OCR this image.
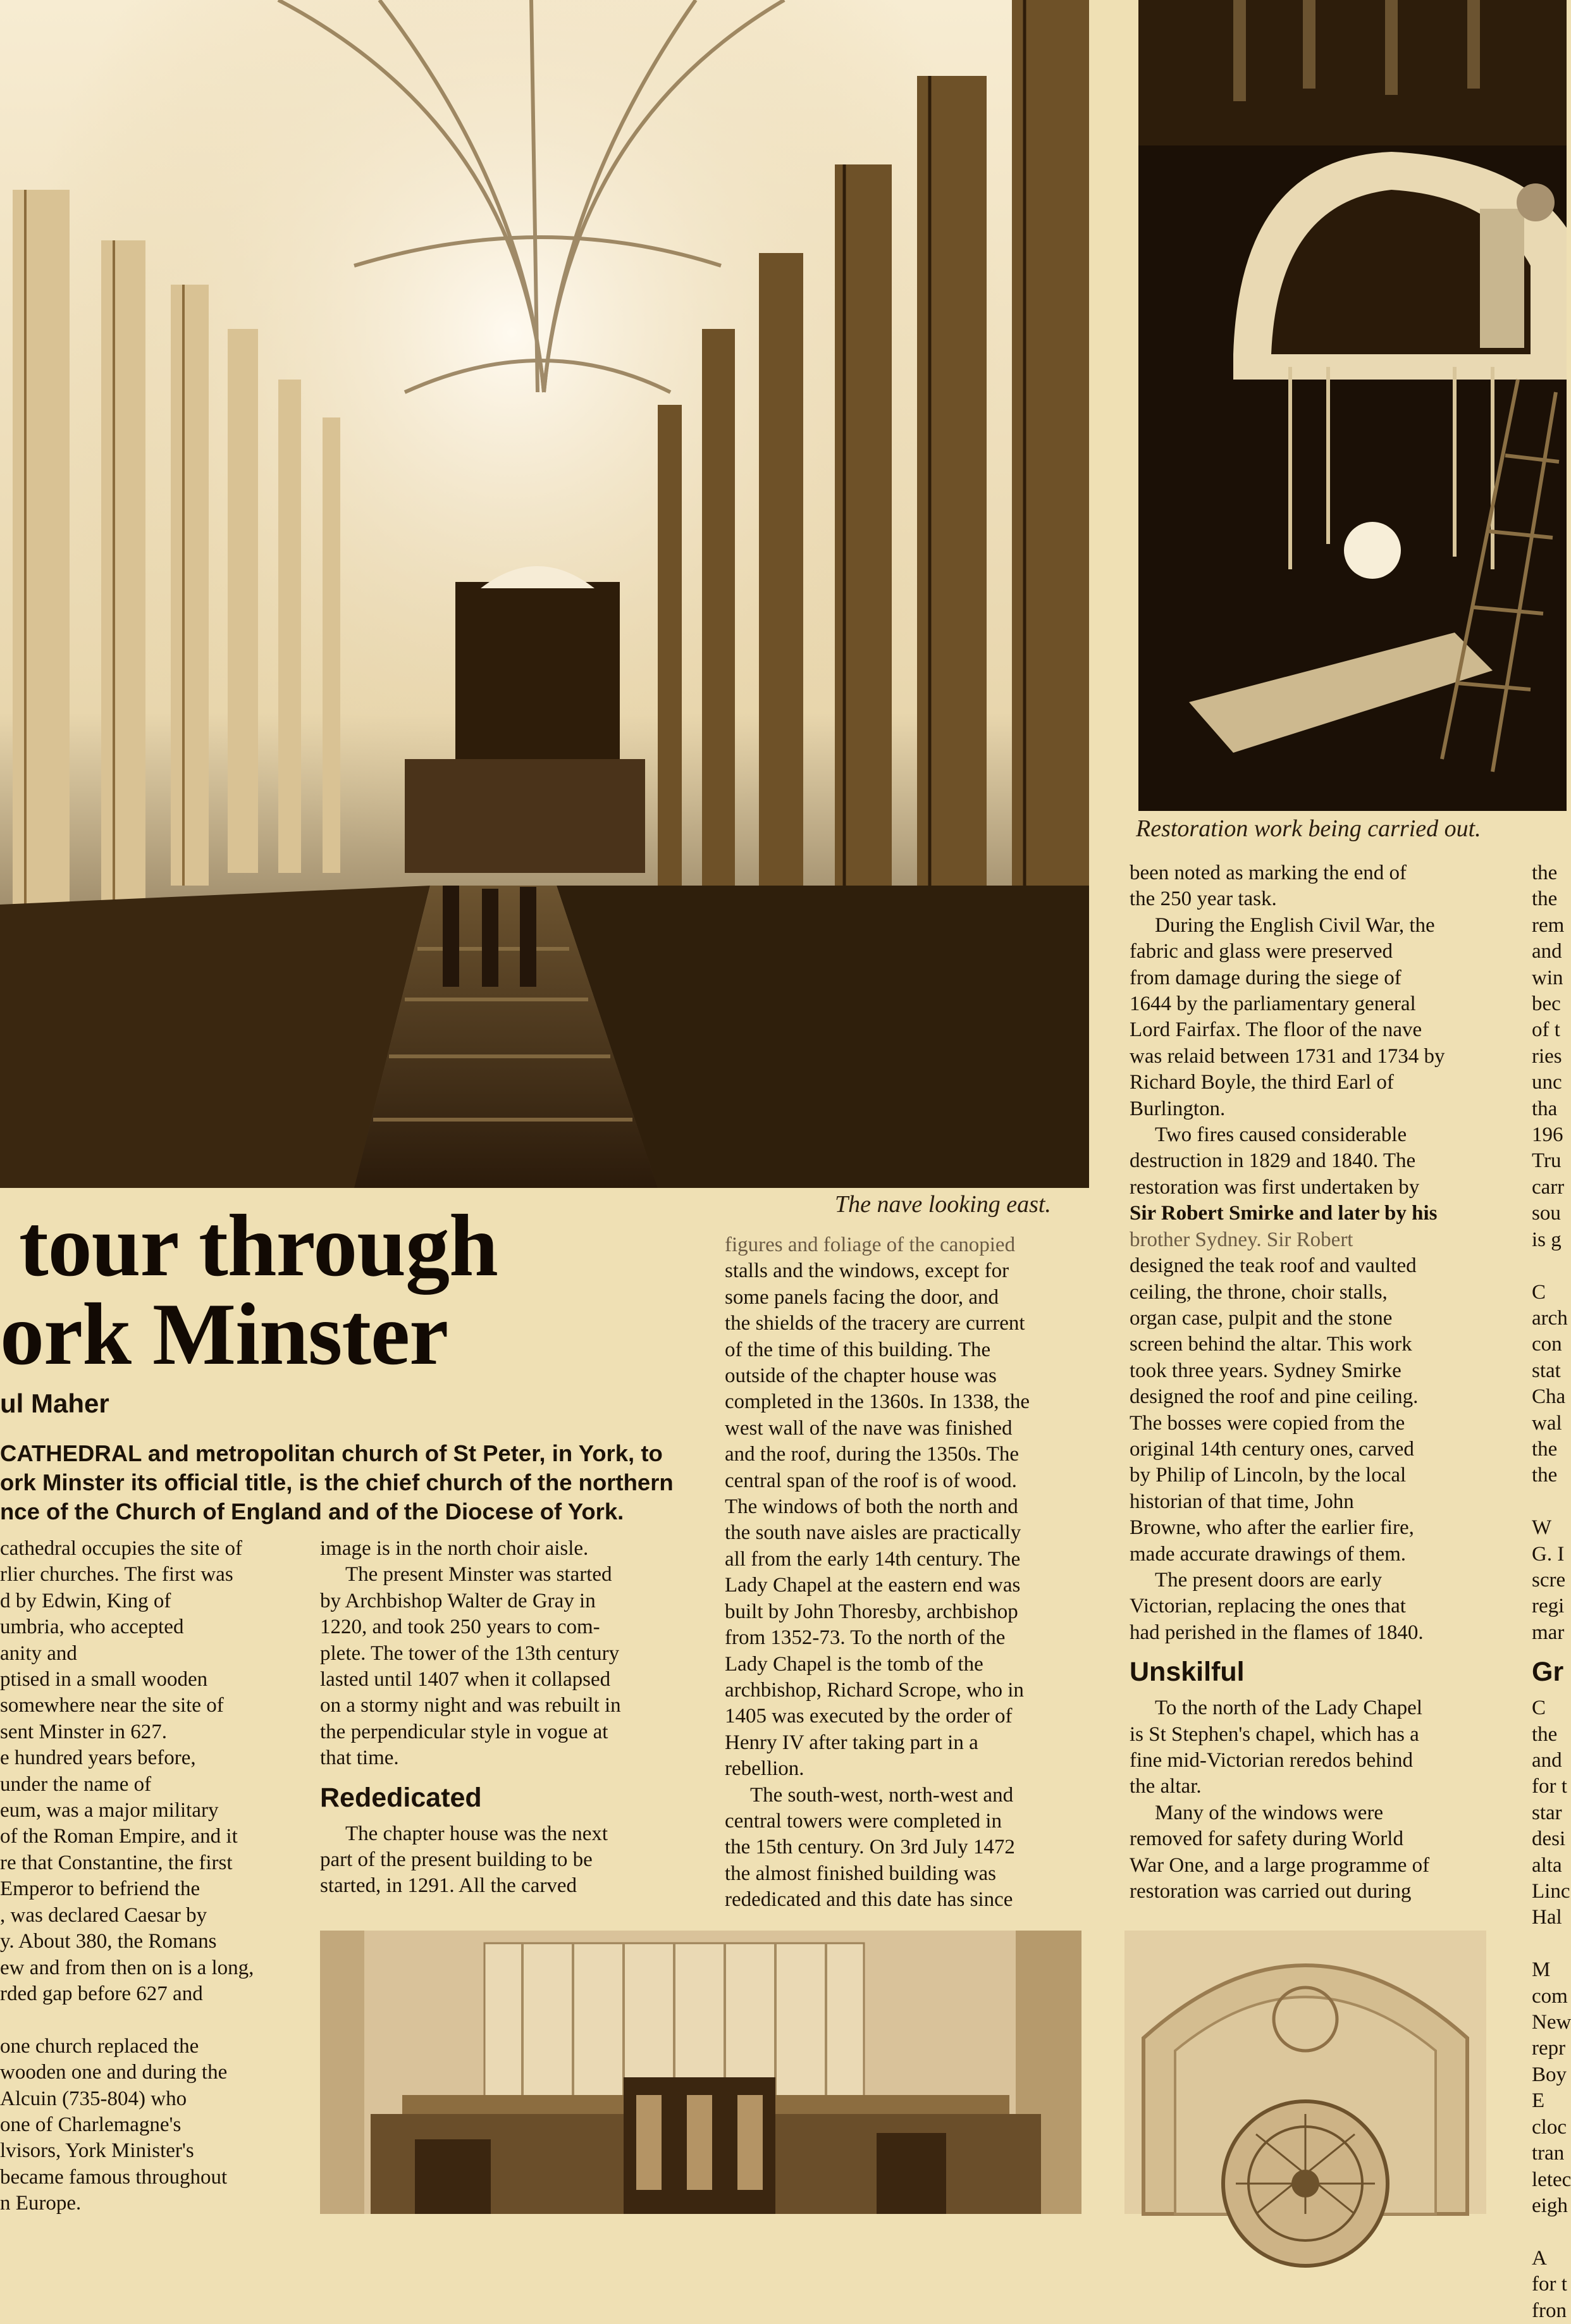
Restoration work being carried out.
The nave looking east.
tour through
ork Minster
ul Maher

CATHEDRAL and metropolitan church of St Peter, in York, to

ork Minster its official title, is the chief church of the northern

nce of the Church of England and of the Diocese of York.

cathedral occupies the site of

rlier churches. The first was

d by Edwin, King of

umbria, who accepted

anity and

ptised in a small wooden

somewhere near the site of

sent Minster in 627.

e hundred years before,

under the name of

eum, was a major military

of the Roman Empire, and it

re that Constantine, the first

Emperor to befriend the

, was declared Caesar by

y. About 380, the Romans

ew and from then on is a long,

rded gap before 627 and

one church replaced the

wooden one and during the

Alcuin (735-804) who

one of Charlemagne's

lvisors, York Minister's

became famous throughout

n Europe.

image is in the north choir aisle.

The present Minster was started

by Archbishop Walter de Gray in

1220, and took 250 years to com-

plete. The tower of the 13th century

lasted until 1407 when it collapsed

on a stormy night and was rebuilt in

the perpendicular style in vogue at

that time.

Rededicated

The chapter house was the next

part of the present building to be

started, in 1291. All the carved

figures and foliage of the canopied

stalls and the windows, except for

some panels facing the door, and

the shields of the tracery are current

of the time of this building. The

outside of the chapter house was

completed in the 1360s. In 1338, the

west wall of the nave was finished

and the roof, during the 1350s. The

central span of the roof is of wood.

The windows of both the north and

the south nave aisles are practically

all from the early 14th century. The

Lady Chapel at the eastern end was

built by John Thoresby, archbishop

from 1352-73. To the north of the

Lady Chapel is the tomb of the

archbishop, Richard Scrope, who in

1405 was executed by the order of

Henry IV after taking part in a

rebellion.

The south-west, north-west and

central towers were completed in

the 15th century. On 3rd July 1472

the almost finished building was

rededicated and this date has since

been noted as marking the end of

the 250 year task.

During the English Civil War, the

fabric and glass were preserved

from damage during the siege of

1644 by the parliamentary general

Lord Fairfax. The floor of the nave

was relaid between 1731 and 1734 by

Richard Boyle, the third Earl of

Burlington.

Two fires caused considerable

destruction in 1829 and 1840. The

restoration was first undertaken by

Sir Robert Smirke and later by his

brother Sydney. Sir Robert

designed the teak roof and vaulted

ceiling, the throne, choir stalls,

organ case, pulpit and the stone

screen behind the altar. This work

took three years. Sydney Smirke

designed the roof and pine ceiling.

The bosses were copied from the

original 14th century ones, carved

by Philip of Lincoln, by the local

historian of that time, John

Browne, who after the earlier fire,

made accurate drawings of them.

The present doors are early

Victorian, replacing the ones that

had perished in the flames of 1840.

Unskilful

To the north of the Lady Chapel

is St Stephen's chapel, which has a

fine mid-Victorian reredos behind

the altar.

Many of the windows were

removed for safety during World

War One, and a large programme of

restoration was carried out during

the

the

rem

and

win

bec

of t

ries

unc

tha

196

Tru

carr

sou

is g

C

arch

con

stat

Cha

wal

the

the

W

G. I

scre

regi

mar

Gr

C

the

and

for t

star

desi

alta

Linc

Hal

M

com

New

repr

Boy

E

cloc

tran

letec

eigh

A

for t

fron
